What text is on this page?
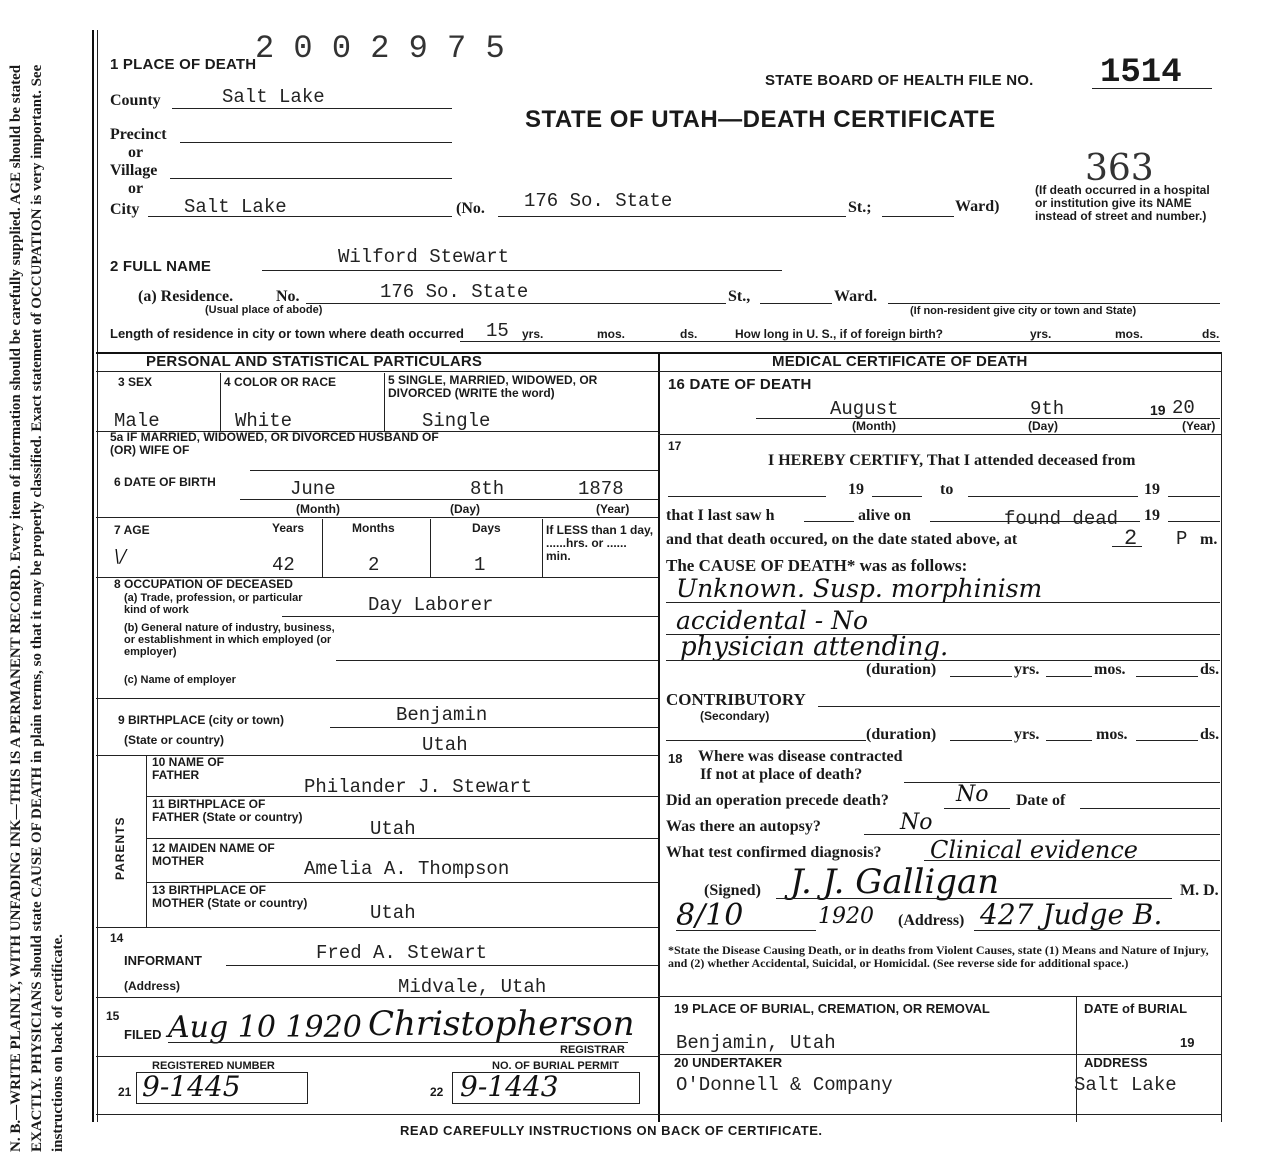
N. B.—WRITE PLAINLY, WITH UNFADING INK—THIS IS A PERMANENT RECORD. Every item of information should be carefully supplied. AGE should be stated EXACTLY. PHYSICIANS should state CAUSE OF DEATH in plain terms, so that it may be properly classified. Exact statement of OCCUPATION is very important. See instructions on back of certificate.
1 PLACE OF DEATH
2 0 0 2 9 7 5
STATE BOARD OF HEALTH FILE NO. 1514
STATE OF UTAH—DEATH CERTIFICATE
363
County	Salt Lake
Precinct
or
Village
or
City Salt Lake	(No. 176 So. State	St.;	Ward)
(If death occurred in a hospital or institution give its NAME instead of street and number.)
2 FULL NAME	Wilford Stewart
(a) Residence.	No.
(Usual place of abode)
176 So. State	St.,	Ward.
(If non-resident give city or town and State)
Length of residence in city or town where death occurred 15 yrs.	mos.	ds.	How long in U. S., if of foreign birth?	yrs.	mos.	ds.
PERSONAL AND STATISTICAL PARTICULARS	MEDICAL CERTIFICATE OF DEATH
3 SEX	4 COLOR OR RACE	5 SINGLE, MARRIED, WIDOWED, OR DIVORCED (WRITE the word)
Male	White	Single
5a IF MARRIED, WIDOWED, OR DIVORCED HUSBAND OF (OR) WIFE OF
6 DATE OF BIRTH	June	8th	1878
(Month)	(Day)	(Year)
7 AGE	Years	Months	Days	If LESS than 1 day, ......hrs. or ...... min.
\/	42	2	1
8 OCCUPATION OF DECEASED
(a) Trade, profession, or particular kind of work	Day Laborer
(b) General nature of industry, business, or establishment in which employed (or employer)
(c) Name of employer
9 BIRTHPLACE (city or town)	Benjamin
(State or country)	Utah
PARENTS
10 NAME OF FATHER
Philander J. Stewart
11 BIRTHPLACE OF FATHER (State or country)
Utah
12 MAIDEN NAME OF MOTHER	Amelia A. Thompson
13 BIRTHPLACE OF MOTHER (State or country)	Utah
14
INFORMANT	Fred A. Stewart
(Address)	Midvale, Utah
15
FILED Aug 10 1920 Christopherson
REGISTRAR
REGISTERED NUMBER	NO. OF BURIAL PERMIT
21 9-1445	22 9-1443
16 DATE OF DEATH
August	9th	19 20
(Month)	(Day)	(Year)
17
I HEREBY CERTIFY, That I attended deceased from
19	to	19
that I last saw h	alive on	found dead 19
and that death occured, on the date stated above, at	2 P m.
The CAUSE OF DEATH* was as follows:
Unknown. Susp. morphinism
accidental - No
physician attending.
(duration)	yrs.	mos.	ds.
CONTRIBUTORY
(Secondary)
(duration)	yrs.	mos.	ds.
18 Where was disease contracted
If not at place of death?
Did an operation precede death?	No Date of
Was there an autopsy?	No
What test confirmed diagnosis? Clinical evidence
(Signed) J. J. Galligan	M. D.
8/10	1920 (Address) 427 Judge B.
*State the Disease Causing Death, or in deaths from Violent Causes, state (1) Means and Nature of Injury, and (2) whether Accidental, Suicidal, or Homicidal. (See reverse side for additional space.)
19 PLACE OF BURIAL, CREMATION, OR REMOVAL	DATE of BURIAL
Benjamin, Utah	19
20 UNDERTAKER	ADDRESS
O'Donnell & Company	Salt Lake
READ CAREFULLY INSTRUCTIONS ON BACK OF CERTIFICATE.
